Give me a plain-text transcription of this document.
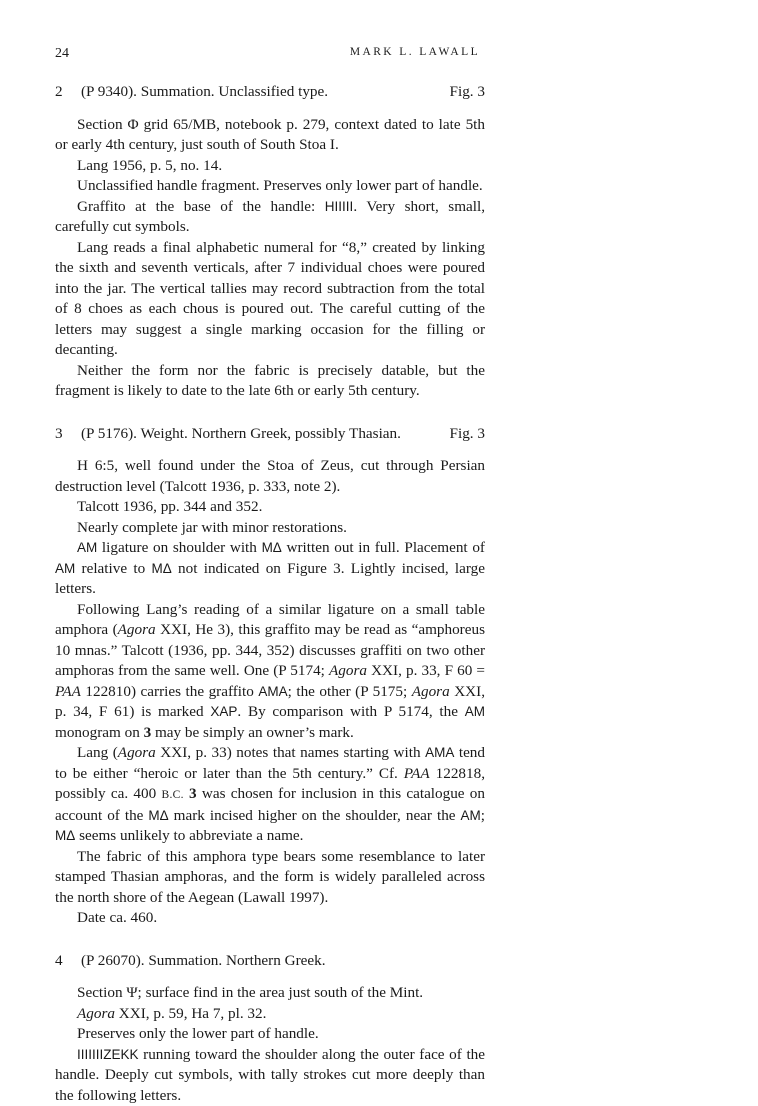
24	MARK L. LAWALL
2 (P 9340). Summation. Unclassified type.	Fig. 3

Section Φ grid 65/MB, notebook p. 279, context dated to late 5th or early 4th century, just south of South Stoa I.

Lang 1956, p. 5, no. 14.

Unclassified handle fragment. Preserves only lower part of handle.

Graffito at the base of the handle: HIIIII. Very short, small, carefully cut symbols.

Lang reads a final alphabetic numeral for “8,” created by linking the sixth and seventh verticals, after 7 individual choes were poured into the jar. The vertical tallies may record subtraction from the total of 8 choes as each chous is poured out. The careful cutting of the letters may suggest a single marking occasion for the filling or decanting.

Neither the form nor the fabric is precisely datable, but the fragment is likely to date to the late 6th or early 5th century.

3 (P 5176). Weight. Northern Greek, possibly Thasian.	Fig. 3

H 6:5, well found under the Stoa of Zeus, cut through Persian destruction level (Talcott 1936, p. 333, note 2).

Talcott 1936, pp. 344 and 352.

Nearly complete jar with minor restorations.

AM ligature on shoulder with MΔ written out in full. Placement of AM relative to MΔ not indicated on Figure 3. Lightly incised, large letters.

Following Lang’s reading of a similar ligature on a small table amphora (Agora XXI, He 3), this graffito may be read as “amphoreus 10 mnas.” Talcott (1936, pp. 344, 352) discusses graffiti on two other amphoras from the same well. One (P 5174; Agora XXI, p. 33, F 60 = PAA 122810) carries the graffito AMA; the other (P 5175; Agora XXI, p. 34, F 61) is marked XAP. By comparison with P 5174, the AM monogram on 3 may be simply an owner’s mark.

Lang (Agora XXI, p. 33) notes that names starting with AMA tend to be either “heroic or later than the 5th century.” Cf. PAA 122818, possibly ca. 400 B.C. 3 was chosen for inclusion in this catalogue on account of the MΔ mark incised higher on the shoulder, near the AM; MΔ seems unlikely to abbreviate a name.

The fabric of this amphora type bears some resemblance to later stamped Thasian amphoras, and the form is widely paralleled across the north shore of the Aegean (Lawall 1997).

Date ca. 460.

4 (P 26070). Summation. Northern Greek.

Section Ψ; surface find in the area just south of the Mint.

Agora XXI, p. 59, Ha 7, pl. 32.

Preserves only the lower part of handle.

IIIIIIIZEKK running toward the shoulder along the outer face of the handle. Deeply cut symbols, with tally strokes cut more deeply than the following letters.
